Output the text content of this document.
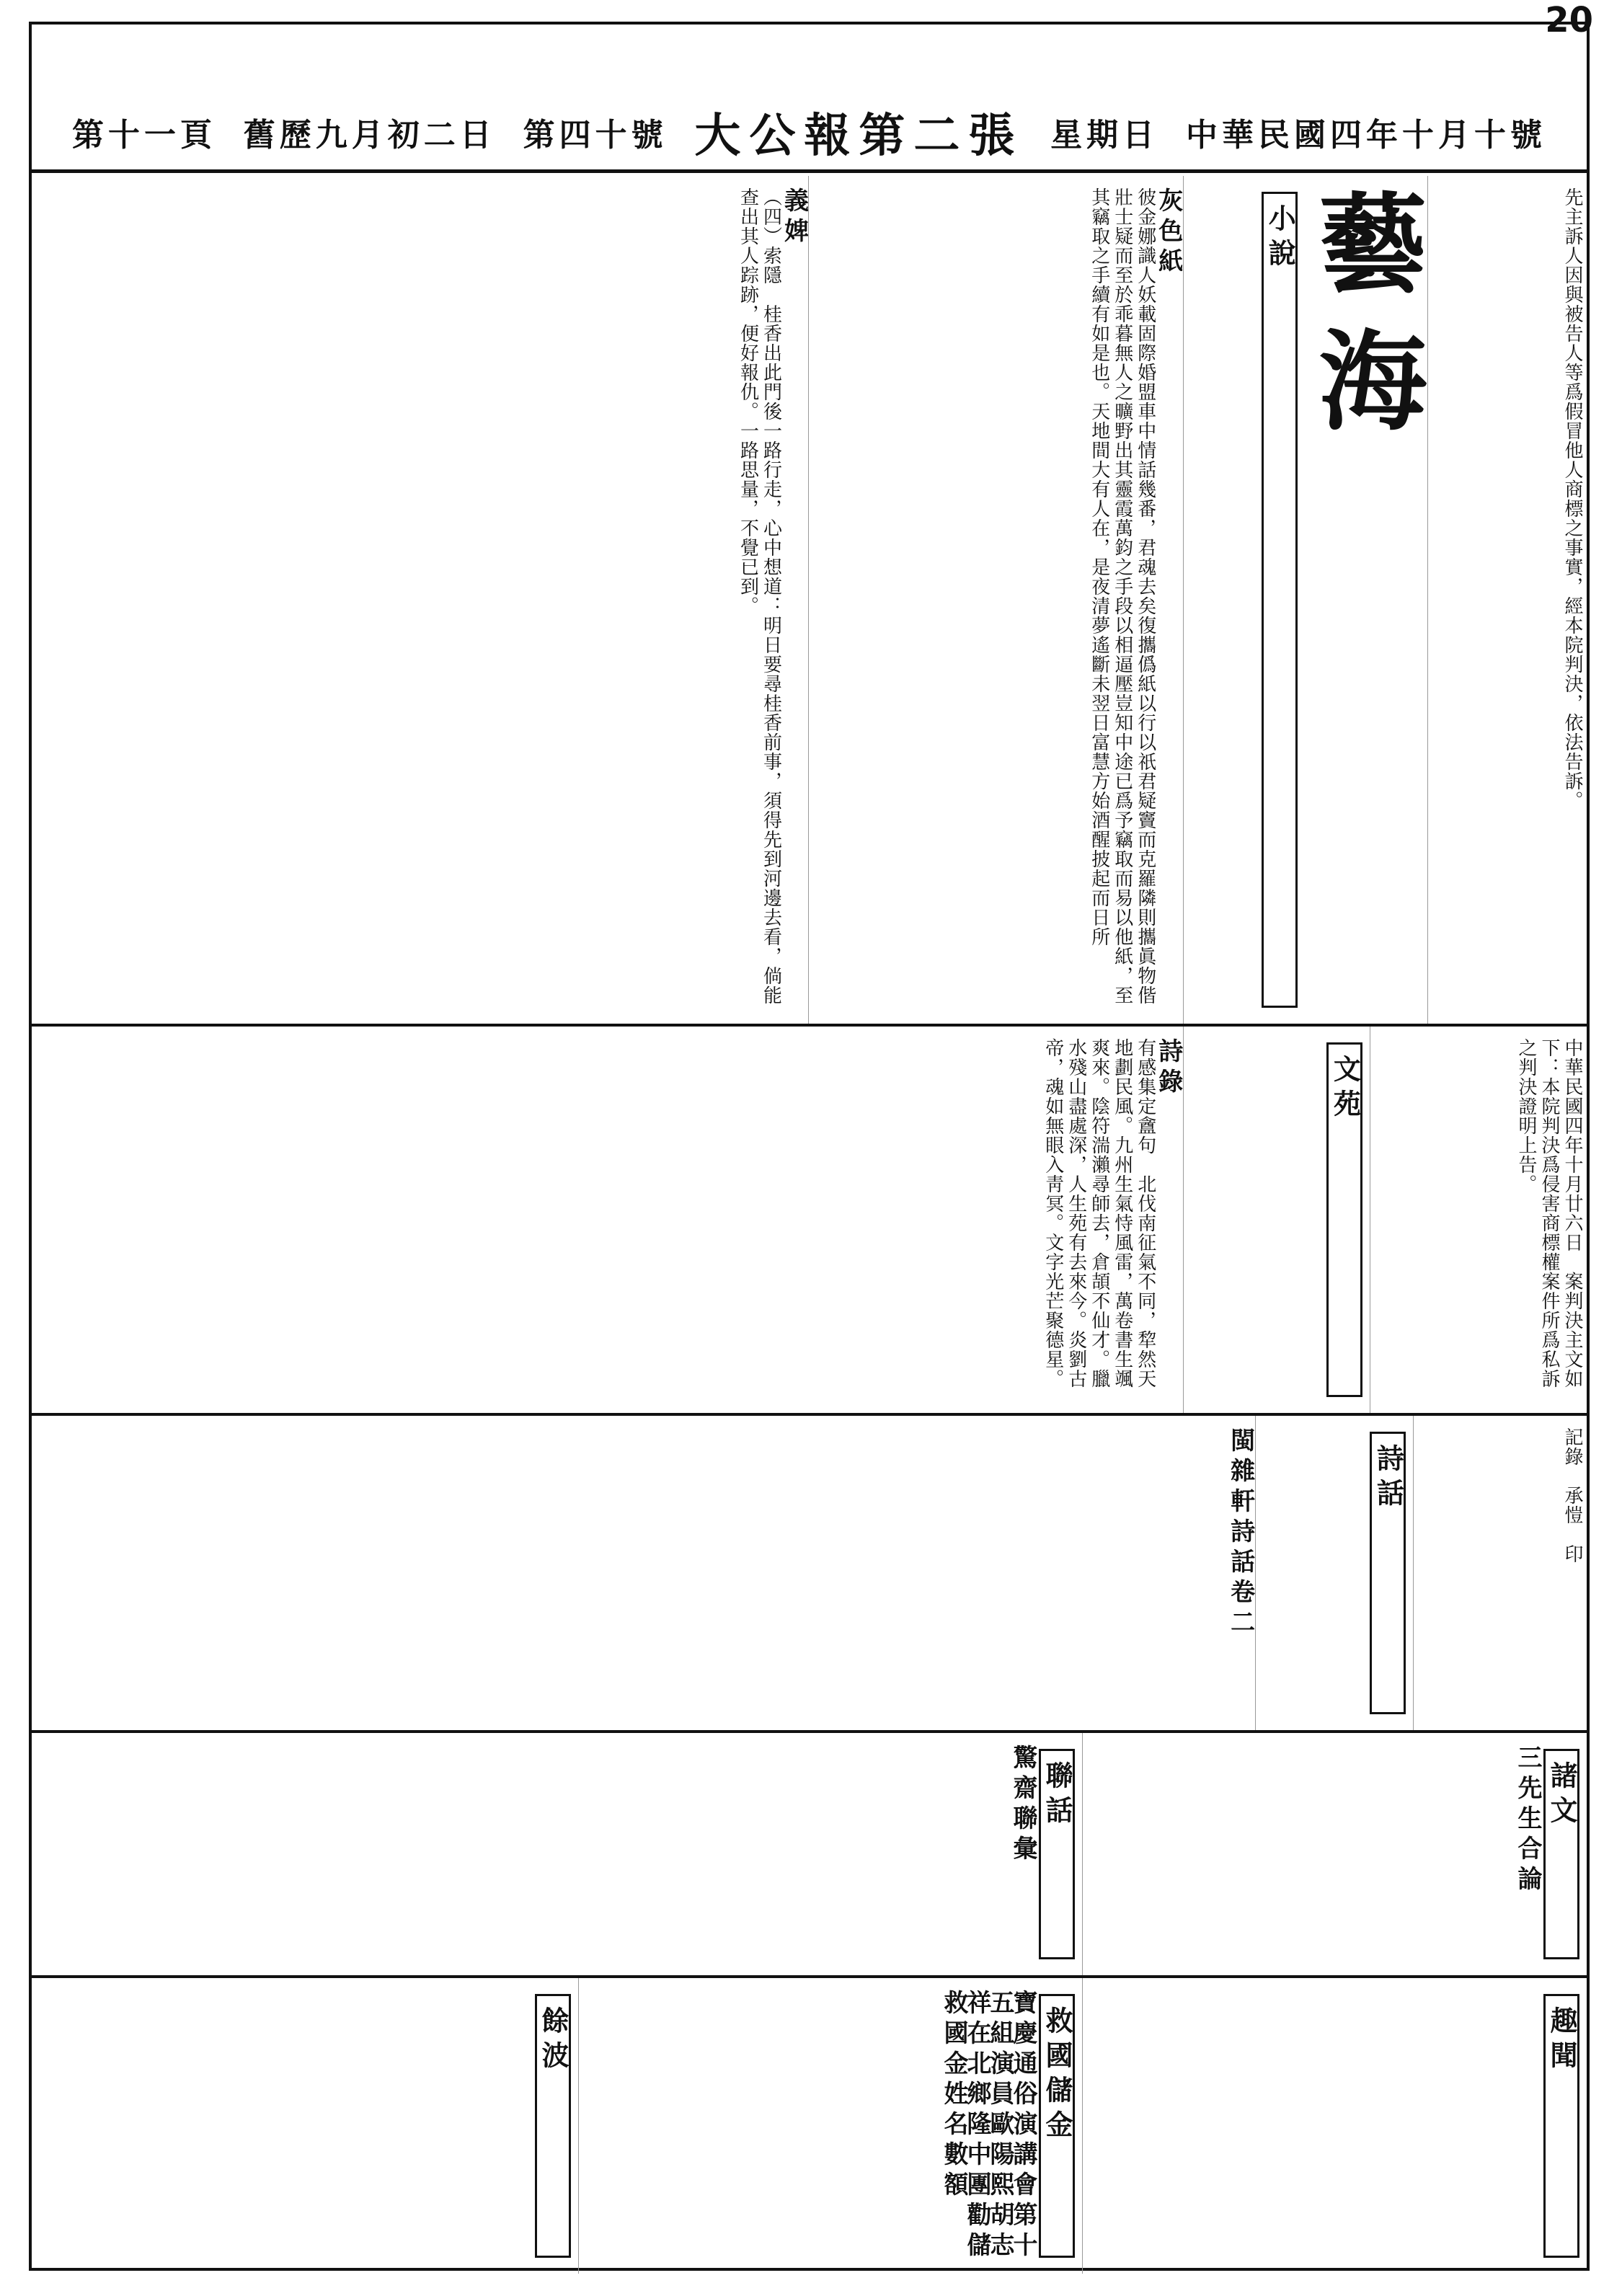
20
中華民國四年十月十號
星期日
大公報第二張
第四十號
舊歷九月初二日
第十一頁
先主訴人因與被告人等爲假冒他人商標之事實，經本院判決，依法告訴。
藝海
小說
灰色紙
彼金娜識人妖載固際婚盟車中情話幾番，君魂去矣復攜僞紙以行以祇君疑竇而克羅隣則攜眞物偕壯士疑而至於乖暮無人之曠野出其靈霞萬鈞之手段以相逼壓豈知中途已爲予竊取而易以他紙，至其竊取之手續有如是也。天地間大有人在，是夜清夢遙斷未翌日富慧方始酒醒披起而日所
義婢
（四）索隱　桂香出此門後一路行走，心中想道：明日要尋桂香前事，須得先到河邊去看，倘能查出其人踪跡，便好報仇。一路思量，不覺已到。
中華民國四年十月廿六日　案判決主文如下：本院判決爲侵害商標權案件所爲私訴之判決證明上告。
文苑
詩錄
有感集定盦句　北伐南征氣不同，犂然天地劃民風。九州生氣恃風雷，萬卷書生颯爽來。陰符湍瀨尋師去，倉頡不仙才。臘水殘山盡處深，人生苑有去來今。炎劉古帝，魂如無眼入靑冥。文字光芒聚德星。
記錄　承愷　印
詩話
閩雜軒詩話卷二
諸文
三先生合論
聯話
驚齋聯彙
趣聞
救國儲金
寶慶通俗演講會第十五組演員歐陽熙胡志祥在北鄉隆中團勸儲救國金姓名數額
餘波
